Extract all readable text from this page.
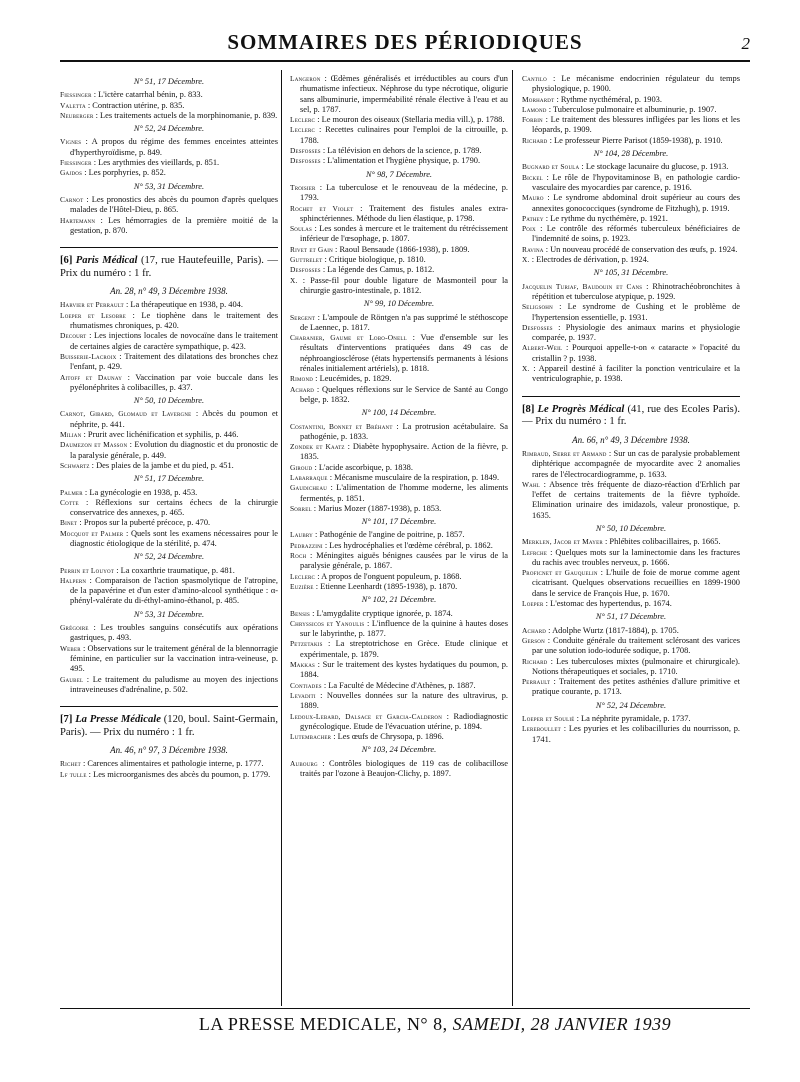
SOMMAIRES DES PÉRIODIQUES	2
N° 51, 17 Décembre.

Fiessinger : L'ictère catarrhal bénin, p. 833.

Valetta : Contraction utérine, p. 835.

Neuberger : Les traitements actuels de la morphinomanie, p. 839.

N° 52, 24 Décembre.

Vignes : A propos du régime des femmes enceintes atteintes d'hyperthyroïdisme, p. 849.

Fiessinger : Les arythmies des vieillards, p. 851.

Gajdos : Les porphyries, p. 852.

N° 53, 31 Décembre.

Carnot : Les pronostics des abcès du poumon d'après quelques malades de l'Hôtel-Dieu, p. 865.

Hartemann : Les hémorragies de la première moitié de la gestation, p. 870.

[6] Paris Médical (17, rue Hautefeuille, Paris). — Prix du numéro : 1 fr.
An. 28, n° 49, 3 Décembre 1938.

Harvier et Perrault : La thérapeutique en 1938, p. 404.

Loeper et Lesobre : Le tiophène dans le traitement des rhumatismes chroniques, p. 420.

Decourt : Les injections locales de novocaïne dans le traitement de certaines algies de caractère sympathique, p. 423.

Buisserie-Lacroix : Traitement des dilatations des bronches chez l'enfant, p. 429.

Aitoff et Daunay : Vaccination par voie buccale dans les pyélonéphrites à colibacilles, p. 437.

N° 50, 10 Décembre.

Carnot, Gibard, Glomaud et Lavergne : Abcès du poumon et néphrite, p. 441.

Milian : Prurit avec lichénification et syphilis, p. 446.

Daumezon et Masson : Evolution du diagnostic et du pronostic de la paralysie générale, p. 449.

Schwartz : Des plaies de la jambe et du pied, p. 451.

N° 51, 17 Décembre.

Palmer : La gynécologie en 1938, p. 453.

Cotte : Réflexions sur certains échecs de la chirurgie conservatrice des annexes, p. 465.

Binet : Propos sur la puberté précoce, p. 470.

Mocquot et Palmer : Quels sont les examens nécessaires pour le diagnostic étiologique de la stérilité, p. 474.

N° 52, 24 Décembre.

Perrin et Louyot : La coxarthrie traumatique, p. 481.

Halpern : Comparaison de l'action spasmolytique de l'atropine, de la papavérine et d'un ester d'amino-alcool synthétique : α-phényl-valérate du di-éthyl-amino-éthanol, p. 485.

N° 53, 31 Décembre.

Grégoire : Les troubles sanguins consécutifs aux opérations gastriques, p. 493.

Weber : Observations sur le traitement général de la blennorragie féminine, en particulier sur la vaccination intra-veineuse, p. 495.

Gaubel : Le traitement du paludisme au moyen des injections intraveineuses d'adrénaline, p. 502.

[7] La Presse Médicale (120, boul. Saint-Germain, Paris). — Prix du numéro : 1 fr.
An. 46, n° 97, 3 Décembre 1938.

Richet : Carences alimentaires et pathologie interne, p. 1777.

Lf tulle : Les microorganismes des abcès du poumon, p. 1779.

Langeron : Œdèmes généralisés et irréductibles au cours d'un rhumatisme infectieux. Néphrose du type nécrotique, oligurie sans albuminurie, imperméabilité rénale élective à l'eau et au sel, p. 1787.

Leclerc : Le mouron des oiseaux (Stellaria media vill.), p. 1788.

Leclerc : Recettes culinaires pour l'emploi de la citrouille, p. 1788.

Desfosses : La télévision en dehors de la science, p. 1789.

Desfosses : L'alimentation et l'hygiène physique, p. 1790.

N° 98, 7 Décembre.

Troisier : La tuberculose et le renouveau de la médecine, p. 1793.

Rochet et Violet : Traitement des fistules anales extra-sphinctériennes. Méthode du lien élastique, p. 1798.

Soulas : Les sondes à mercure et le traitement du rétrécissement inférieur de l'œsophage, p. 1807.

Rivet et Gain : Raoul Bensaude (1866-1938), p. 1809.

Guttrelet : Critique biologique, p. 1810.

Desfosses : La légende des Camus, p. 1812.

X. : Passe-fil pour double ligature de Masmonteil pour la chirurgie gastro-intestinale, p. 1812.

N° 99, 10 Décembre.

Sergent : L'ampoule de Röntgen n'a pas supprimé le stéthoscope de Laennec, p. 1817.

Chabanier, Gaume et Lobo-Onell : Vue d'ensemble sur les résultats d'interventions pratiquées dans 49 cas de néphroangiosclérose (états hypertensifs permanents à lésions rénales initialement artériels), p. 1818.

Rimond : Leucémides, p. 1829.

Achard : Quelques réflexions sur le Service de Santé au Congo belge, p. 1832.

N° 100, 14 Décembre.

Costantini, Bonnet et Bréhant : La protrusion acétabulaire. Sa pathogénie, p. 1833.

Zondek et Kaatz : Diabète hypophysaire. Action de la fièvre, p. 1835.

Giroud : L'acide ascorbique, p. 1838.

Labarraque : Mécanisme musculaire de la respiration, p. 1849.

Gaudicheau : L'alimentation de l'homme moderne, les aliments fermentés, p. 1851.

Sorrel : Marius Mozer (1887-1938), p. 1853.

N° 101, 17 Décembre.

Laubry : Pathogénie de l'angine de poitrine, p. 1857.

Pedrazzini : Les hydrocéphalies et l'œdème cérébral, p. 1862.

Roch : Méningites aiguës bénignes causées par le virus de la paralysie générale, p. 1867.

Leclerc : A propos de l'onguent populeum, p. 1868.

Euzière : Etienne Leenhardt (1895-1938), p. 1870.

N° 102, 21 Décembre.

Bensis : L'amygdalite cryptique ignorée, p. 1874.

Chryssicos et Yanoulis : L'influence de la quinine à hautes doses sur le labyrinthe, p. 1877.

Petzetakis : La streptotrichose en Grèce. Etude clinique et expérimentale, p. 1879.

Makkas : Sur le traitement des kystes hydatiques du poumon, p. 1884.

Contiades : La Faculté de Médecine d'Athènes, p. 1887.

Levaditi : Nouvelles données sur la nature des ultravirus, p. 1889.

Ledoux-Lebard, Dalsace et Garcia-Calderon : Radiodiagnostic gynécologique. Etude de l'évacuation utérine, p. 1894.

Lutembacher : Les œufs de Chrysopa, p. 1896.

N° 103, 24 Décembre.

Aubourg : Contrôles biologiques de 119 cas de colibacillose traités par l'ozone à Beaujon-Clichy, p. 1897.

Cantilo : Le mécanisme endocrinien régulateur du temps physiologique, p. 1900.

Morhardt : Rythme nycthéméral, p. 1903.

Lamond : Tuberculose pulmonaire et albuminurie, p. 1907.

Forbin : Le traitement des blessures infligées par les lions et les léopards, p. 1909.

Richard : Le professeur Pierre Parisot (1859-1938), p. 1910.

N° 104, 28 Décembre.

Bugnard et Soula : Le stockage lacunaire du glucose, p. 1913.

Bickel : Le rôle de l'hypovitaminose B₁ en pathologie cardio-vasculaire des myocardies par carence, p. 1916.

Mauro : Le syndrome abdominal droit supérieur au cours des annexites gonococciques (syndrome de Fitzhugh), p. 1919.

Pathey : Le rythme du nycthémère, p. 1921.

Poix : Le contrôle des réformés tuberculeux bénéficiaires de l'indemnité de soins, p. 1923.

Ravina : Un nouveau procédé de conservation des œufs, p. 1924.

X. : Electrodes de dérivation, p. 1924.

N° 105, 31 Décembre.

Jacquelin Turiaf, Baudouin et Cans : Rhinotrachéobronchites à répétition et tuberculose atypique, p. 1929.

Seligsohn : Le syndrome de Cushing et le problème de l'hypertension essentielle, p. 1931.

Desfosses : Physiologie des animaux marins et physiologie comparée, p. 1937.

Albert-Weil : Pourquoi appelle-t-on « cataracte » l'opacité du cristallin ? p. 1938.

X. : Appareil destiné à faciliter la ponction ventriculaire et la ventriculographie, p. 1938.

[8] Le Progrès Médical (41, rue des Ecoles Paris). — Prix du numéro : 1 fr.
An. 66, n° 49, 3 Décembre 1938.

Rimbaud, Serre et Armand : Sur un cas de paralysie probablement diphtérique accompagnée de myocardite avec 2 anomalies rares de l'électrocardiogramme, p. 1633.

Wahl : Absence très fréquente de diazo-réaction d'Erhlich par l'effet de certains traitements de la fièvre typhoïde. Elimination urinaire des imidazols, valeur pronostique, p. 1635.

N° 50, 10 Décembre.

Merklen, Jacob et Mayer : Phlébites colibacillaires, p. 1665.

Lefrche : Quelques mots sur la laminectomie dans les fractures du rachis avec troubles nerveux, p. 1666.

Proficnet et Gauquelin : L'huile de foie de morue comme agent cicatrisant. Quelques observations recueillies en 1899-1900 dans le service de François Hue, p. 1670.

Loeper : L'estomac des hypertendus, p. 1674.

N° 51, 17 Décembre.

Achard : Adolphe Wurtz (1817-1884), p. 1705.

Gerson : Conduite générale du traitement sclérosant des varices par une solution iodo-iodurée sodique, p. 1708.

Richard : Les tuberculoses mixtes (pulmonaire et chirurgicale). Notions thérapeutiques et sociales, p. 1710.

Perrault : Traitement des petites asthénies d'allure primitive et pratique courante, p. 1713.

N° 52, 24 Décembre.

Loeper et Soulié : La néphrite pyramidale, p. 1737.

Lereboullet : Les pyuries et les colibacilluries du nourrisson, p. 1741.

LA PRESSE MEDICALE, N° 8, SAMEDI, 28 JANVIER 1939
